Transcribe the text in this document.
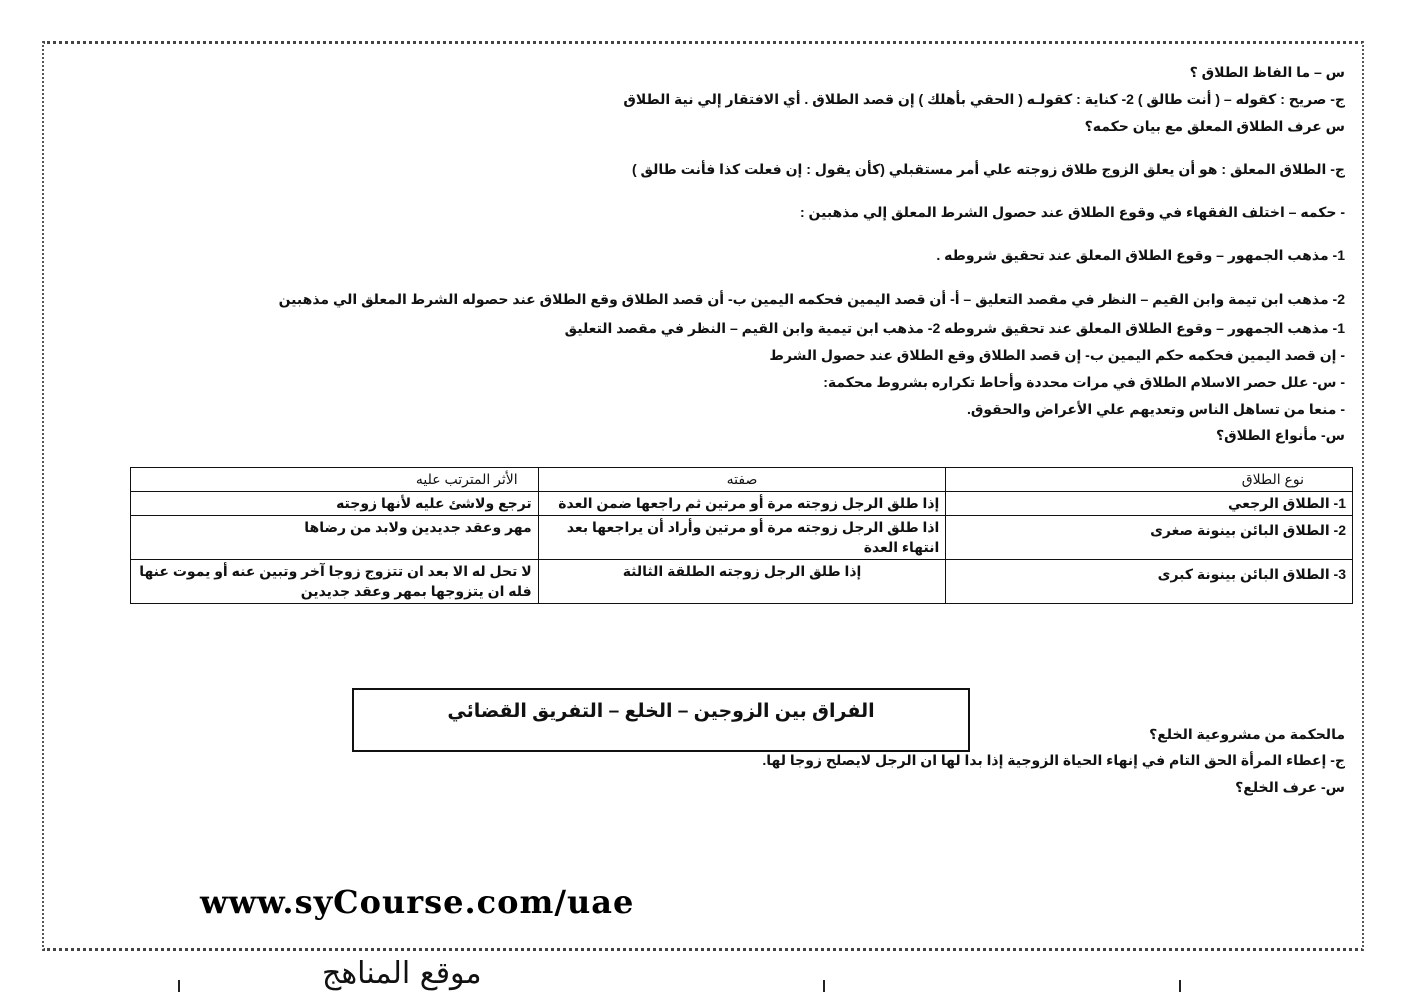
س – ما الفاظ الطلاق ؟
ج- صريح : كقوله – ( أنت طالق ) 2- كناية : كقولـه ( الحقي بأهلك ) إن قصد الطلاق . أي الافتقار إلي نية الطلاق
س عرف الطلاق المعلق مع بيان حكمه؟
ج- الطلاق المعلق : هو أن يعلق الزوج طلاق زوجته علي أمر مستقبلي (كأن يقول : إن فعلت كذا فأنت طالق )
- حكمه – اختلف الفقهاء في وقوع الطلاق عند حصول الشرط المعلق إلي مذهبين :
1- مذهب الجمهور – وقوع الطلاق المعلق عند تحقيق شروطه .
2- مذهب ابن تيمة وابن القيم – النظر في مقصد التعليق – أ- أن قصد اليمين فحكمه اليمين ب- أن قصد الطلاق وقع الطلاق عند حصوله الشرط المعلق الي مذهبين
1- مذهب الجمهور – وقوع الطلاق المعلق عند تحقيق شروطه 2- مذهب ابن تيمية وابن القيم – النظر في مقصد التعليق
- إن قصد اليمين فحكمه حكم اليمين ب- إن قصد الطلاق وقع الطلاق عند حصول الشرط
- س- علل حصر الاسلام الطلاق في مرات محددة وأحاط تكراره بشروط محكمة:
- منعا من تساهل الناس وتعديهم علي الأعراض والحقوق.
س- مأنواع الطلاق؟
نوع الطلاق	صفته	الأثر المترتب عليه
1- الطلاق الرجعي	إذا طلق الرجل زوجته مرة أو مرتين ثم راجعها ضمن العدة	ترجع ولاشئ عليه لأنها زوجته
2- الطلاق البائن بينونة صغرى	اذا طلق الرجل زوجته مرة أو مرتين وأراد أن يراجعها بعد انتهاء العدة	مهر وعقد جديدين ولابد من رضاها
3- الطلاق البائن بينونة كبرى	إذا طلق الرجل زوجته الطلقة الثالثة	لا تحل له الا بعد ان تتزوج زوجا آخر وتبين عنه أو يموت عنها فله ان يتزوجها بمهر وعقد جديدين
الفراق بين الزوجين – الخلع – التفريق القضائي
مالحكمة من مشروعية الخلع؟
ج- إعطاء المرأة الحق التام في إنهاء الحياة الزوجية إذا بدا لها ان الرجل لايصلح زوجا لها.
س- عرف الخلع؟
www.syCourse.com/uae
موقع المناهج
